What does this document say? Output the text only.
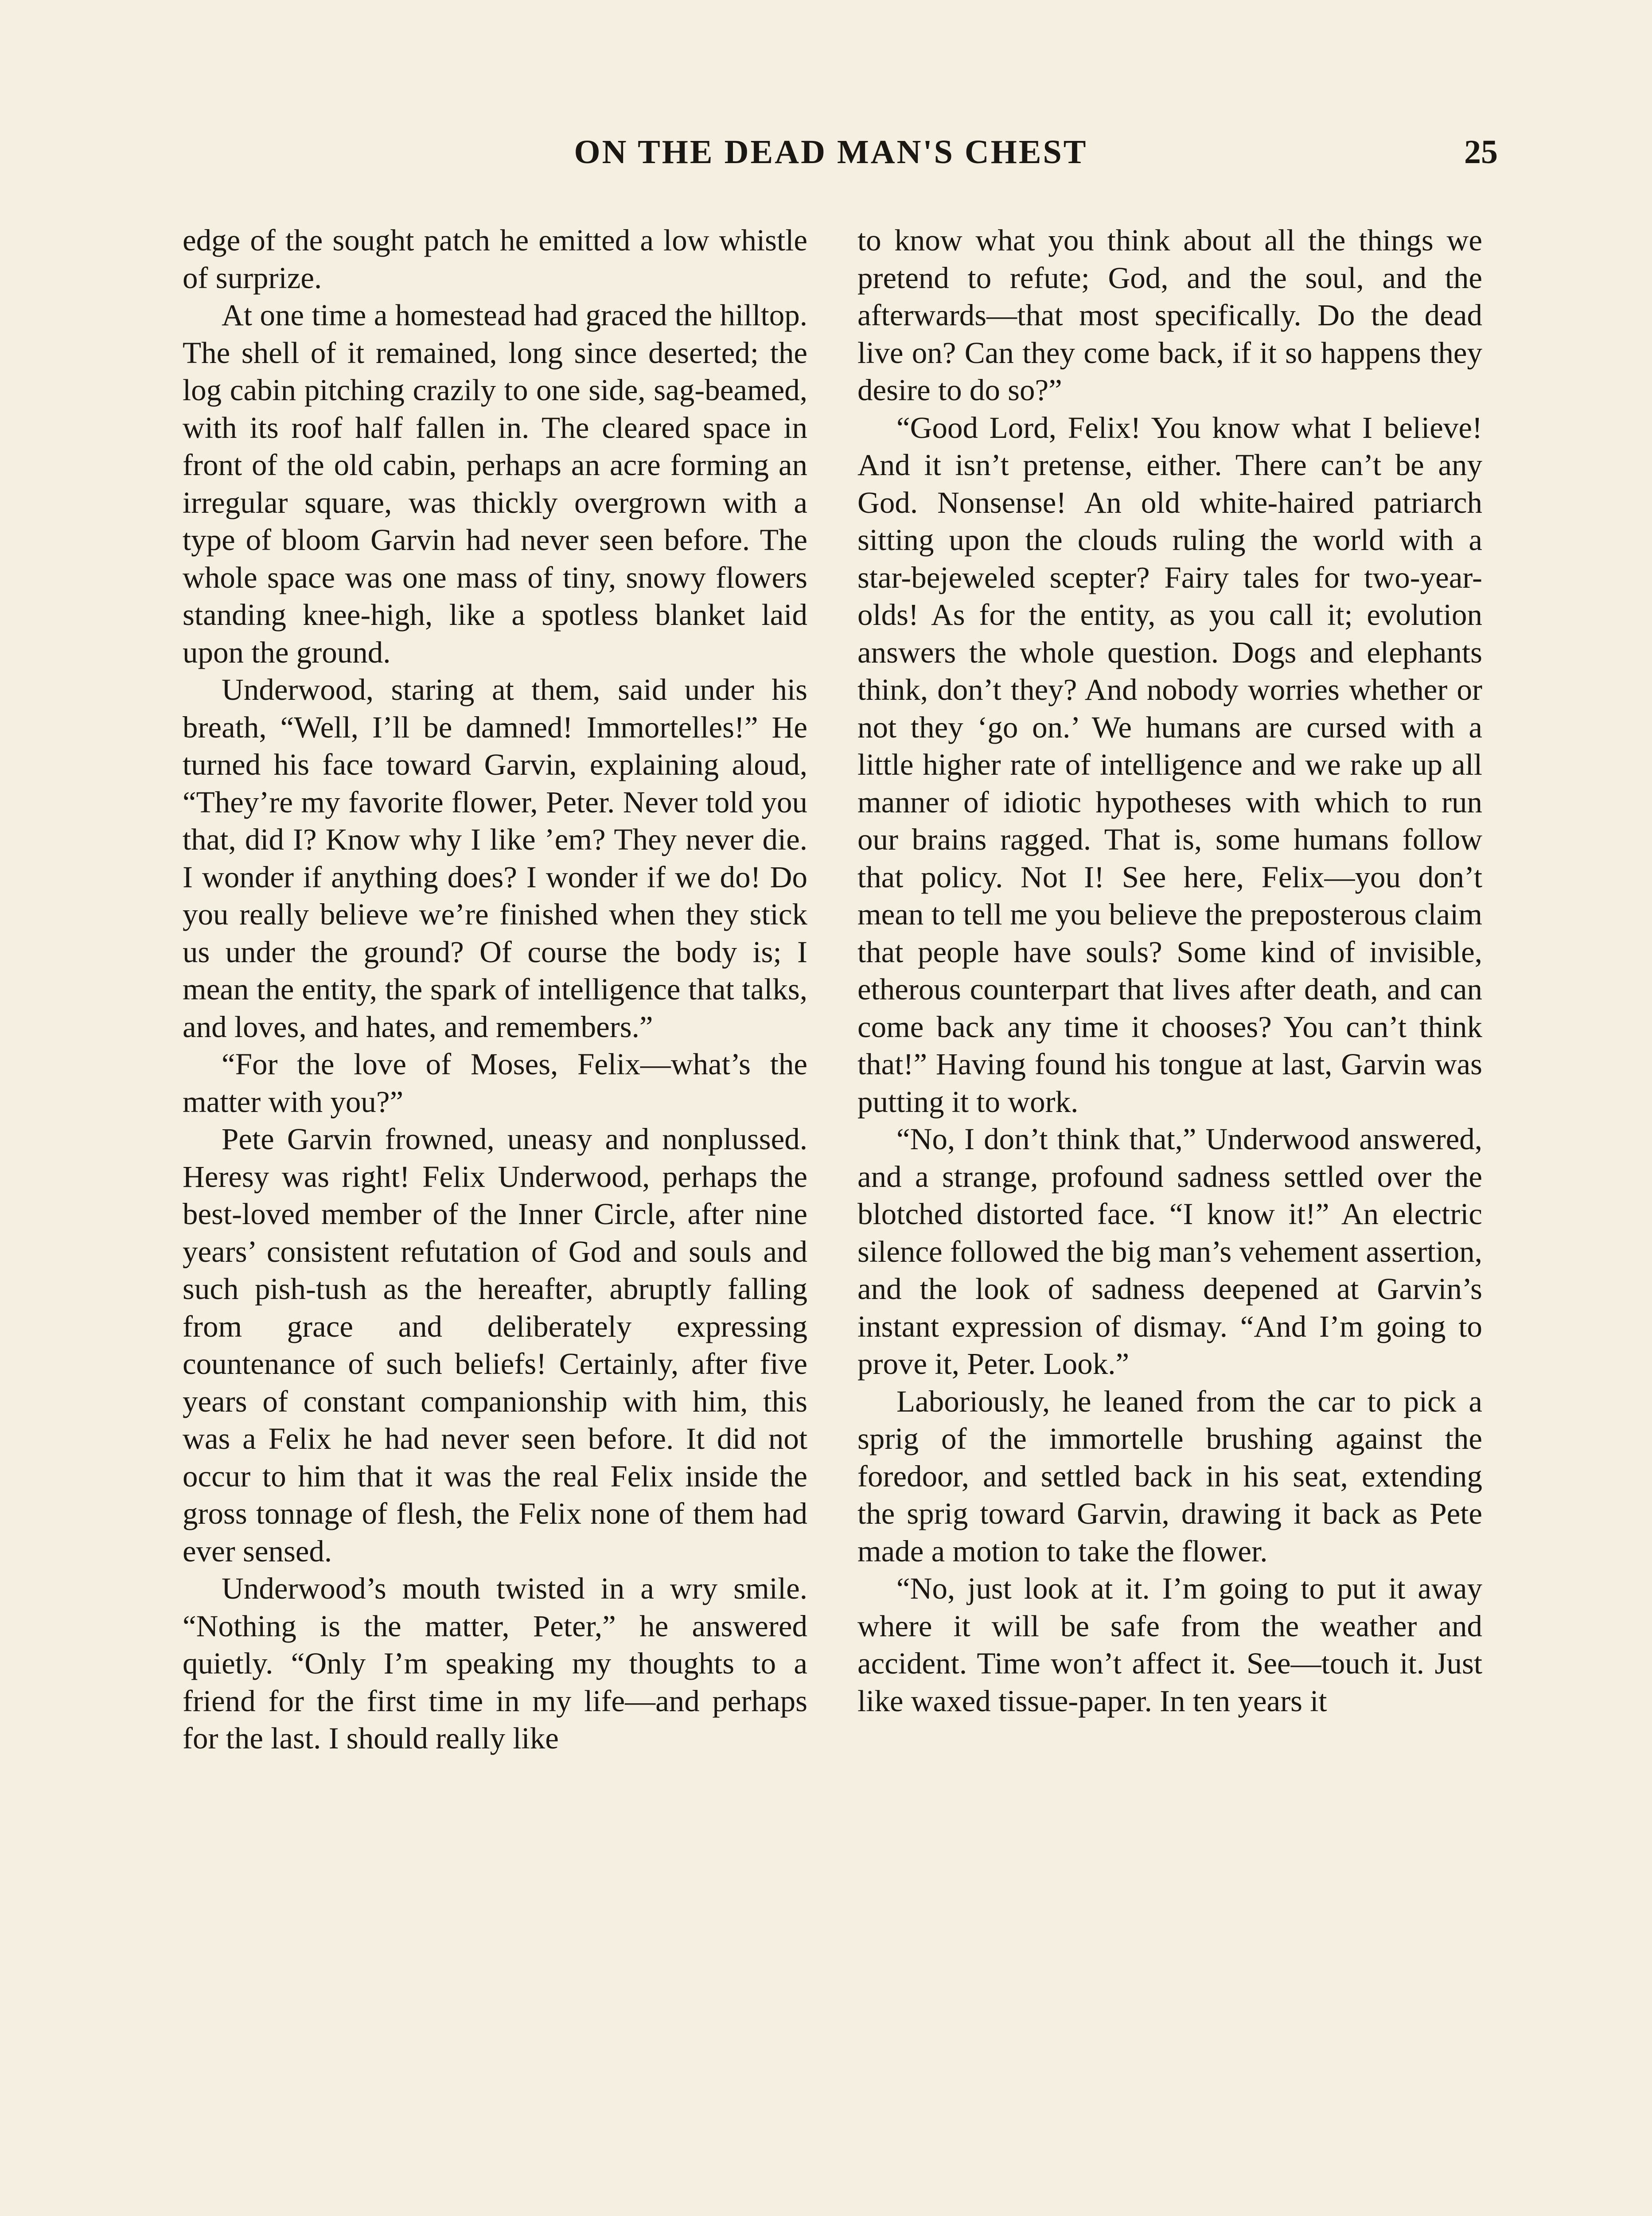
ON THE DEAD MAN'S CHEST	25

edge of the sought patch he emitted a low whistle of surprize.

At one time a homestead had graced the hilltop. The shell of it remained, long since deserted; the log cabin pitching crazily to one side, sag-beamed, with its roof half fallen in. The cleared space in front of the old cabin, perhaps an acre forming an irregular square, was thickly overgrown with a type of bloom Garvin had never seen before. The whole space was one mass of tiny, snowy flowers standing knee-high, like a spotless blanket laid upon the ground.

Underwood, staring at them, said under his breath, “Well, I’ll be damned! Immortelles!” He turned his face toward Garvin, explaining aloud, “They’re my favorite flower, Peter. Never told you that, did I? Know why I like ’em? They never die. I wonder if anything does? I wonder if we do! Do you really believe we’re finished when they stick us under the ground? Of course the body is; I mean the entity, the spark of intelligence that talks, and loves, and hates, and remembers.”

“For the love of Moses, Felix—what’s the matter with you?”

Pete Garvin frowned, uneasy and nonplussed. Heresy was right! Felix Underwood, perhaps the best-loved member of the Inner Circle, after nine years’ consistent refutation of God and souls and such pish-tush as the hereafter, abruptly falling from grace and deliberately expressing countenance of such beliefs! Certainly, after five years of constant companionship with him, this was a Felix he had never seen before. It did not occur to him that it was the real Felix inside the gross tonnage of flesh, the Felix none of them had ever sensed.

Underwood’s mouth twisted in a wry smile. “Nothing is the matter, Peter,” he answered quietly. “Only I’m speaking my thoughts to a friend for the first time in my life—and perhaps for the last. I should really like

to know what you think about all the things we pretend to refute; God, and the soul, and the afterwards—that most specifically. Do the dead live on? Can they come back, if it so happens they desire to do so?”

“Good Lord, Felix! You know what I believe! And it isn’t pretense, either. There can’t be any God. Nonsense! An old white-haired patriarch sitting upon the clouds ruling the world with a star-bejeweled scepter? Fairy tales for two-year-olds! As for the entity, as you call it; evolution answers the whole question. Dogs and elephants think, don’t they? And nobody worries whether or not they ‘go on.’ We humans are cursed with a little higher rate of intelligence and we rake up all manner of idiotic hypotheses with which to run our brains ragged. That is, some humans follow that policy. Not I! See here, Felix—you don’t mean to tell me you believe the preposterous claim that people have souls? Some kind of invisible, etherous counterpart that lives after death, and can come back any time it chooses? You can’t think that!” Having found his tongue at last, Garvin was putting it to work.

“No, I don’t think that,” Underwood answered, and a strange, profound sadness settled over the blotched distorted face. “I know it!” An electric silence followed the big man’s vehement assertion, and the look of sadness deepened at Garvin’s instant expression of dismay. “And I’m going to prove it, Peter. Look.”

Laboriously, he leaned from the car to pick a sprig of the immortelle brushing against the foredoor, and settled back in his seat, extending the sprig toward Garvin, drawing it back as Pete made a motion to take the flower.

“No, just look at it. I’m going to put it away where it will be safe from the weather and accident. Time won’t affect it. See—touch it. Just like waxed tissue-paper. In ten years it
